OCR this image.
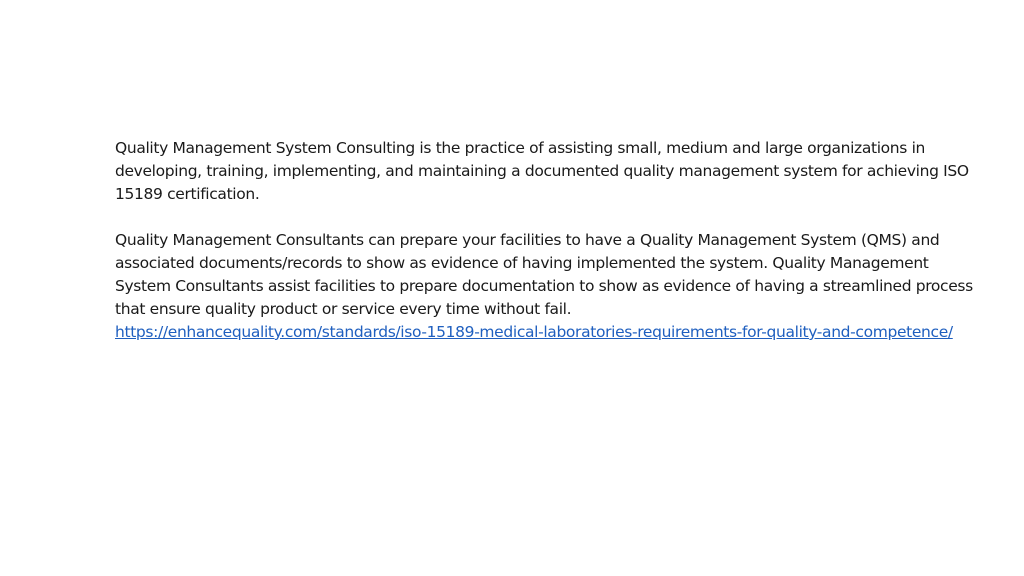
Quality Management System Consulting is the practice of assisting small, medium and large organizations in developing, training, implementing, and maintaining a documented quality management system for achieving ISO 15189 certification.

Quality Management Consultants can prepare your facilities to have a Quality Management System (QMS) and associated documents/records to show as evidence of having implemented the system. Quality Management System Consultants assist facilities to prepare documentation to show as evidence of having a streamlined process that ensure quality product or service every time without fail.
https://enhancequality.com/standards/iso-15189-medical-laboratories-requirements-for-quality-and-competence/
